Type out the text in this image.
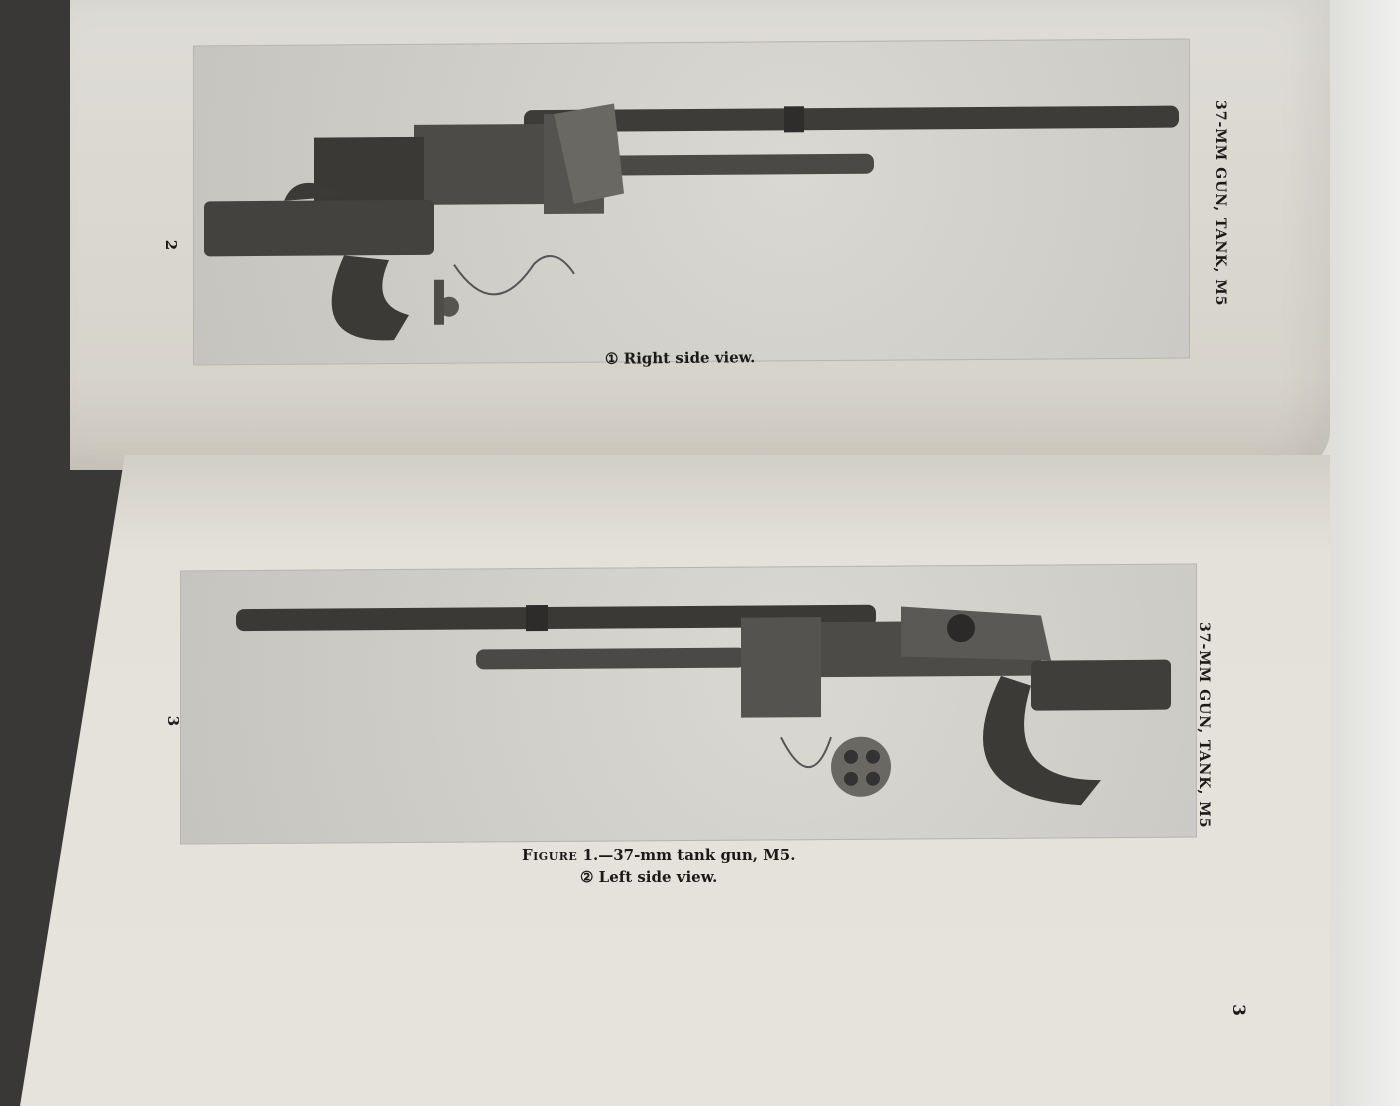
① Right side view.
Figure 1.—37-mm tank gun, M5.
② Left side view.
2
3
3
37-MM GUN, TANK, M5
37-MM GUN, TANK, M5
